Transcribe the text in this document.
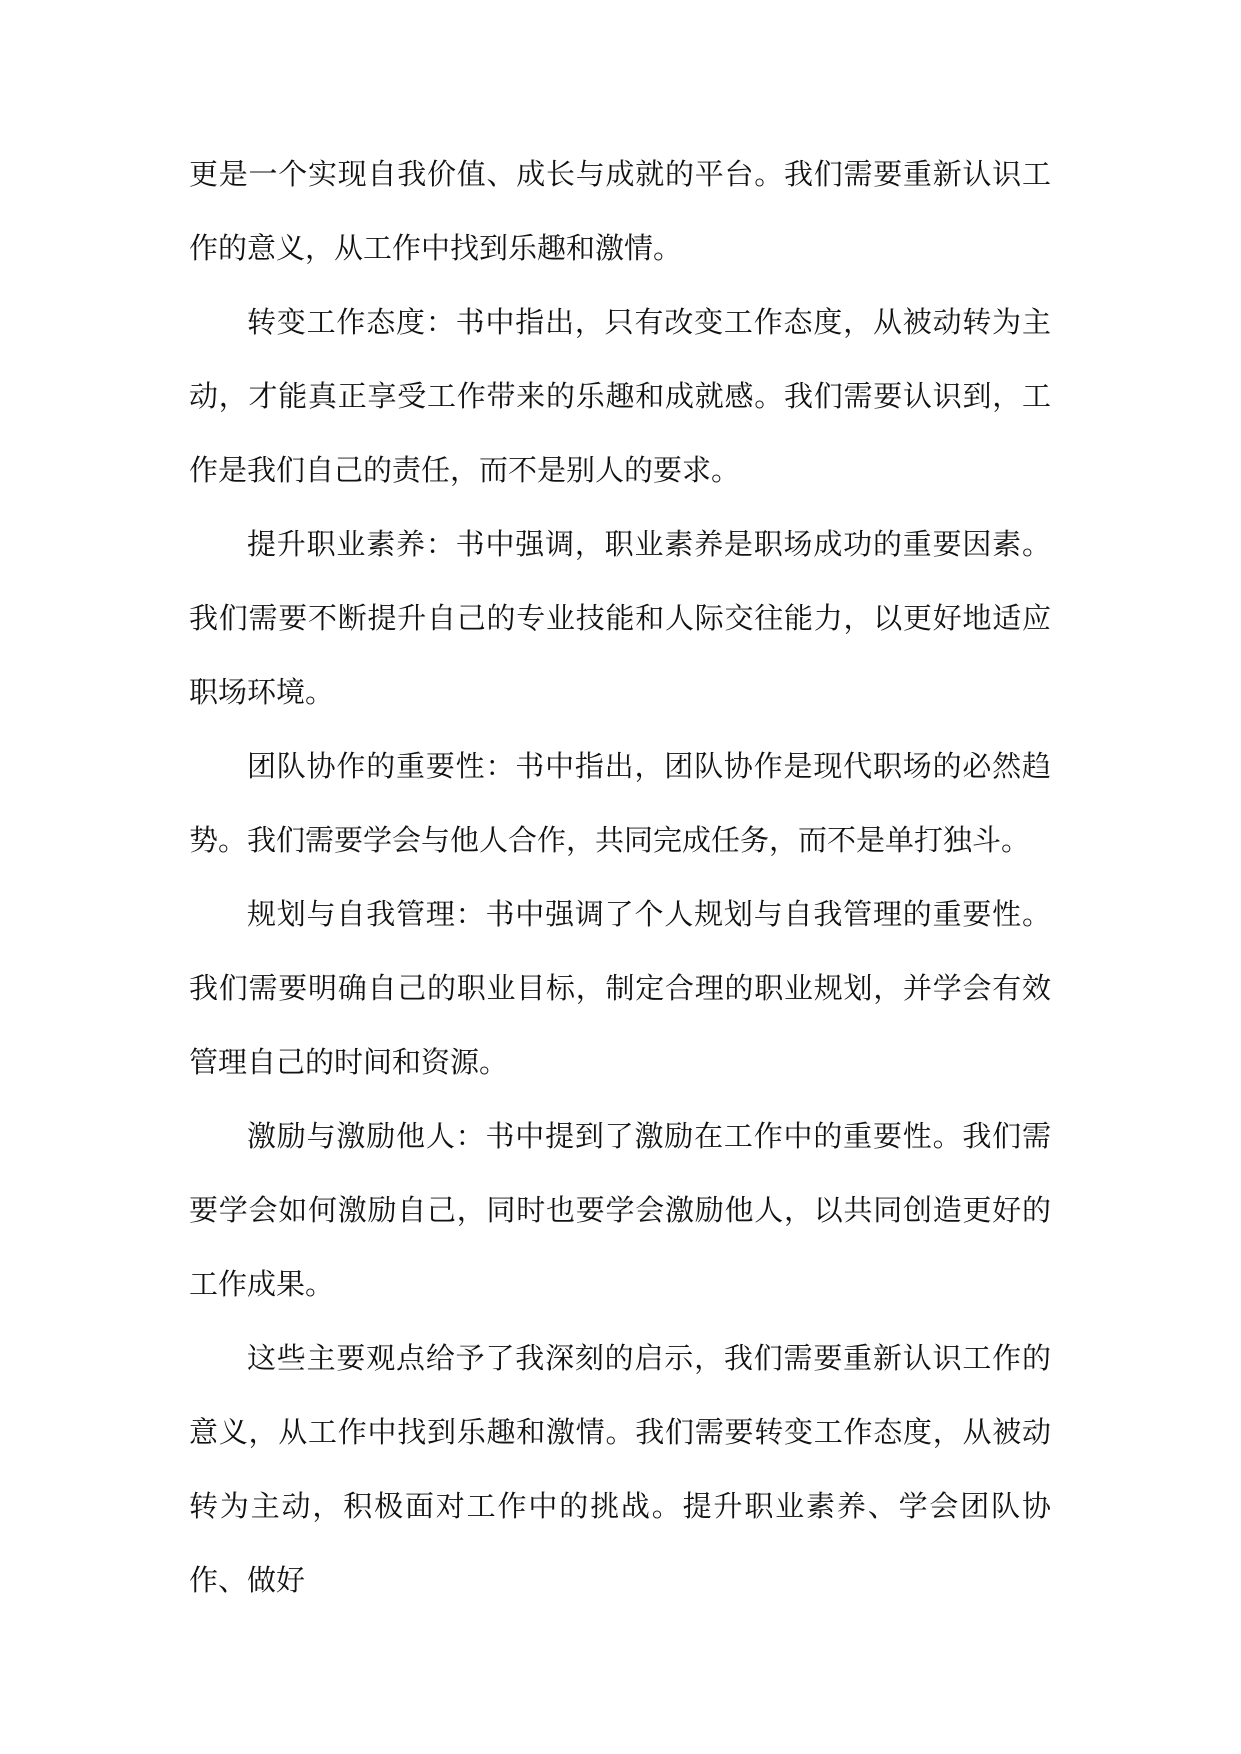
更是一个实现自我价值、成长与成就的平台。我们需要重新认识工作的意义，从工作中找到乐趣和激情。

转变工作态度：书中指出，只有改变工作态度，从被动转为主动，才能真正享受工作带来的乐趣和成就感。我们需要认识到，工作是我们自己的责任，而不是别人的要求。

提升职业素养：书中强调，职业素养是职场成功的重要因素。我们需要不断提升自己的专业技能和人际交往能力，以更好地适应职场环境。

团队协作的重要性：书中指出，团队协作是现代职场的必然趋势。我们需要学会与他人合作，共同完成任务，而不是单打独斗。

规划与自我管理：书中强调了个人规划与自我管理的重要性。我们需要明确自己的职业目标，制定合理的职业规划，并学会有效管理自己的时间和资源。

激励与激励他人：书中提到了激励在工作中的重要性。我们需要学会如何激励自己，同时也要学会激励他人，以共同创造更好的工作成果。

这些主要观点给予了我深刻的启示，我们需要重新认识工作的意义，从工作中找到乐趣和激情。我们需要转变工作态度，从被动转为主动，积极面对工作中的挑战。提升职业素养、学会团队协作、做好
